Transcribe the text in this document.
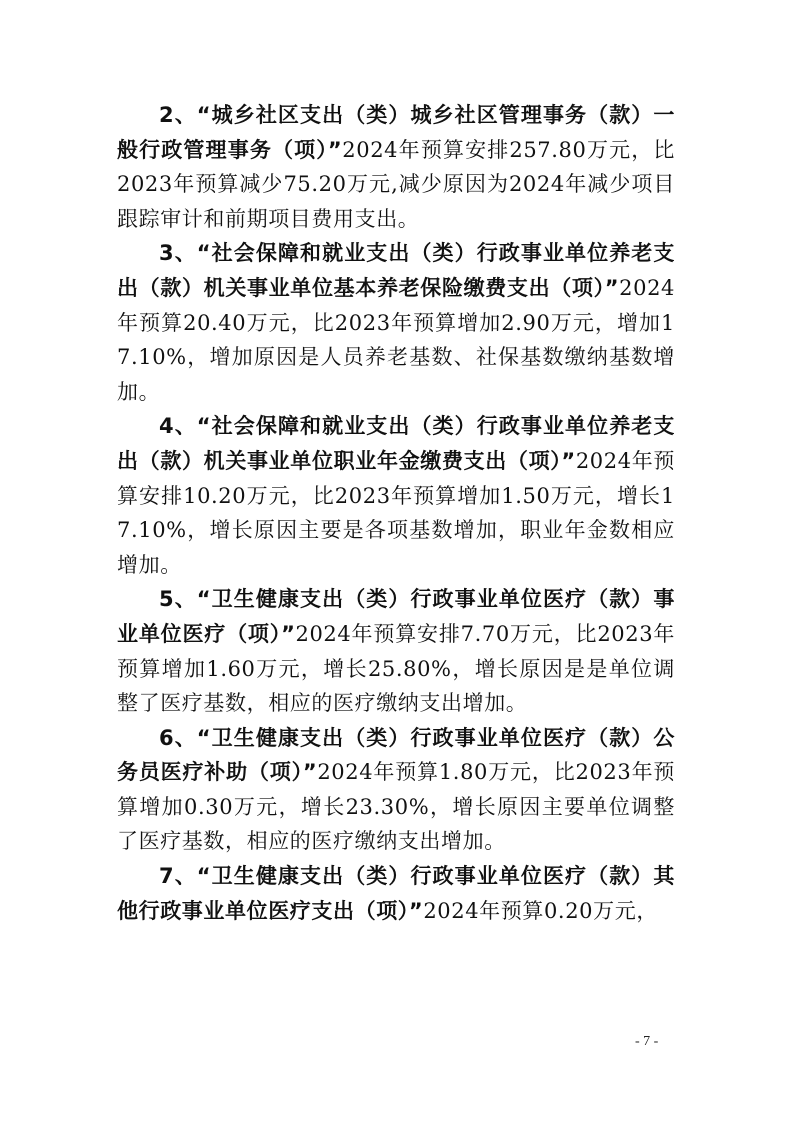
2、“城乡社区支出（类）城乡社区管理事务（款）一般行政管理事务（项）”2024年预算安排257.80万元，比2023年预算减少75.20万元,减少原因为2024年减少项目跟踪审计和前期项目费用支出。

3、“社会保障和就业支出（类）行政事业单位养老支出（款）机关事业单位基本养老保险缴费支出（项）”2024年预算20.40万元，比2023年预算增加2.90万元，增加17.10%，增加原因是人员养老基数、社保基数缴纳基数增加。

4、“社会保障和就业支出（类）行政事业单位养老支出（款）机关事业单位职业年金缴费支出（项）”2024年预算安排10.20万元，比2023年预算增加1.50万元，增长17.10%，增长原因主要是各项基数增加，职业年金数相应增加。

5、“卫生健康支出（类）行政事业单位医疗（款）事业单位医疗（项）”2024年预算安排7.70万元，比2023年预算增加1.60万元，增长25.80%，增长原因是是单位调整了医疗基数，相应的医疗缴纳支出增加。

6、“卫生健康支出（类）行政事业单位医疗（款）公务员医疗补助（项）”2024年预算1.80万元，比2023年预算增加0.30万元，增长23.30%，增长原因主要单位调整了医疗基数，相应的医疗缴纳支出增加。

7、“卫生健康支出（类）行政事业单位医疗（款）其他行政事业单位医疗支出（项）”2024年预算0.20万元，

- 7 -
